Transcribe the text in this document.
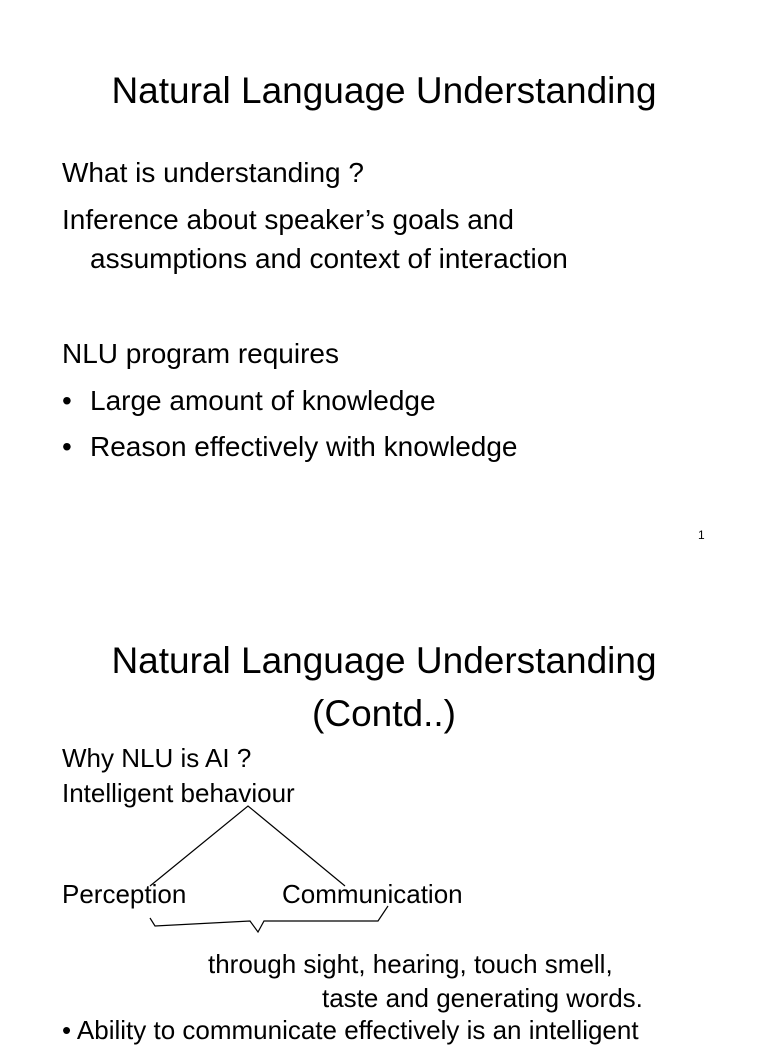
Natural Language Understanding
What is understanding ?
Inference about speaker’s goals and
assumptions and context of interaction
NLU program requires
• Large amount of knowledge
• Reason effectively with knowledge
1
Natural Language Understanding
(Contd..)
Why NLU is AI ?
Intelligent behaviour
Perception	Communication
through sight, hearing, touch smell,
taste and generating words.
• Ability to communicate effectively is an intelligent
